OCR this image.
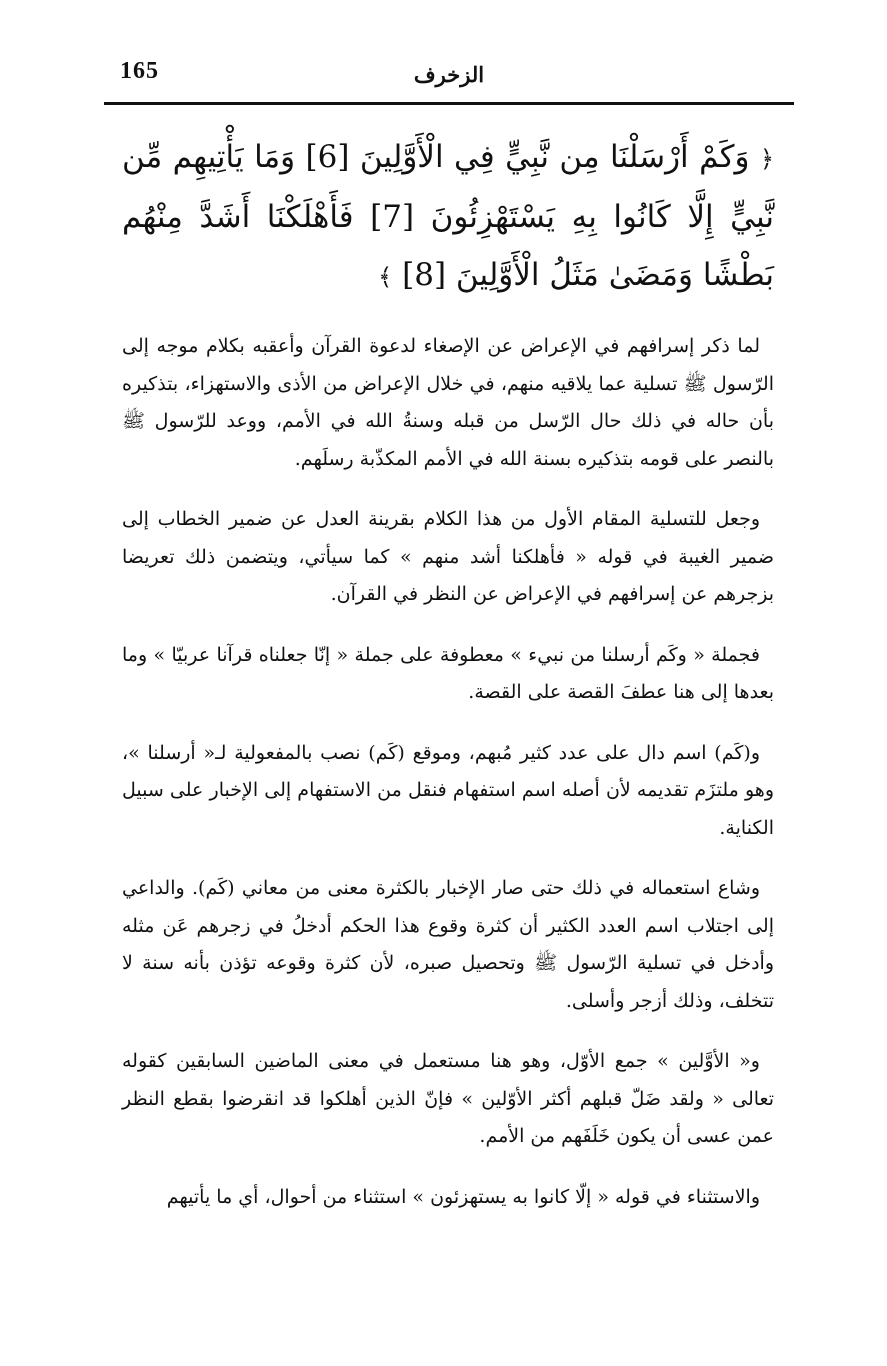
165	الزخرف
﴿ وَكَمْ أَرْسَلْنَا مِن نَّبِيٍّ فِي الْأَوَّلِينَ [6] وَمَا يَأْتِيهِم مِّن نَّبِيٍّ إِلَّا كَانُوا بِهِ يَسْتَهْزِئُونَ [7] فَأَهْلَكْنَا أَشَدَّ مِنْهُم بَطْشًا وَمَضَىٰ مَثَلُ الْأَوَّلِينَ [8] ﴾

لما ذكر إسرافهم في الإعراض عن الإصغاء لدعوة القرآن وأعقبه بكلام موجه إلى الرّسول ﷺ تسلية عما يلاقيه منهم، في خلال الإعراض من الأذى والاستهزاء، بتذكيره بأن حاله في ذلك حال الرّسل من قبله وسنةُ الله في الأمم، ووعد للرّسول ﷺ بالنصر على قومه بتذكيره بسنة الله في الأمم المكذّبة رسلَهم.

وجعل للتسلية المقام الأول من هذا الكلام بقرينة العدل عن ضمير الخطاب إلى ضمير الغيبة في قوله « فأهلكنا أشد منهم » كما سيأتي، ويتضمن ذلك تعريضا بزجرهم عن إسرافهم في الإعراض عن النظر في القرآن.

فجملة « وكَم أرسلنا من نبيء » معطوفة على جملة « إنّا جعلناه قرآنا عربيّا » وما بعدها إلى هنا عطفَ القصة على القصة.

و(كَم) اسم دال على عدد كثير مُبهم، وموقع (كَم) نصب بالمفعولية لـ« أرسلنا »، وهو ملتزَم تقديمه لأن أصله اسم استفهام فنقل من الاستفهام إلى الإخبار على سبيل الكناية.

وشاع استعماله في ذلك حتى صار الإخبار بالكثرة معنى من معاني (كَم). والداعي إلى اجتلاب اسم العدد الكثير أن كثرة وقوع هذا الحكم أدخلُ في زجرهم عَن مثله وأدخل في تسلية الرّسول ﷺ وتحصيل صبره، لأن كثرة وقوعه تؤذن بأنه سنة لا تتخلف، وذلك أزجر وأسلى.

و« الأوَّلين » جمع الأوّل، وهو هنا مستعمل في معنى الماضين السابقين كقوله تعالى « ولقد ضَلّ قبلهم أكثر الأوّلين » فإنّ الذين أهلكوا قد انقرضوا بقطع النظر عمن عسى أن يكون خَلَفَهم من الأمم.

والاستثناء في قوله « إلّا كانوا به يستهزئون » استثناء من أحوال، أي ما يأتيهم
